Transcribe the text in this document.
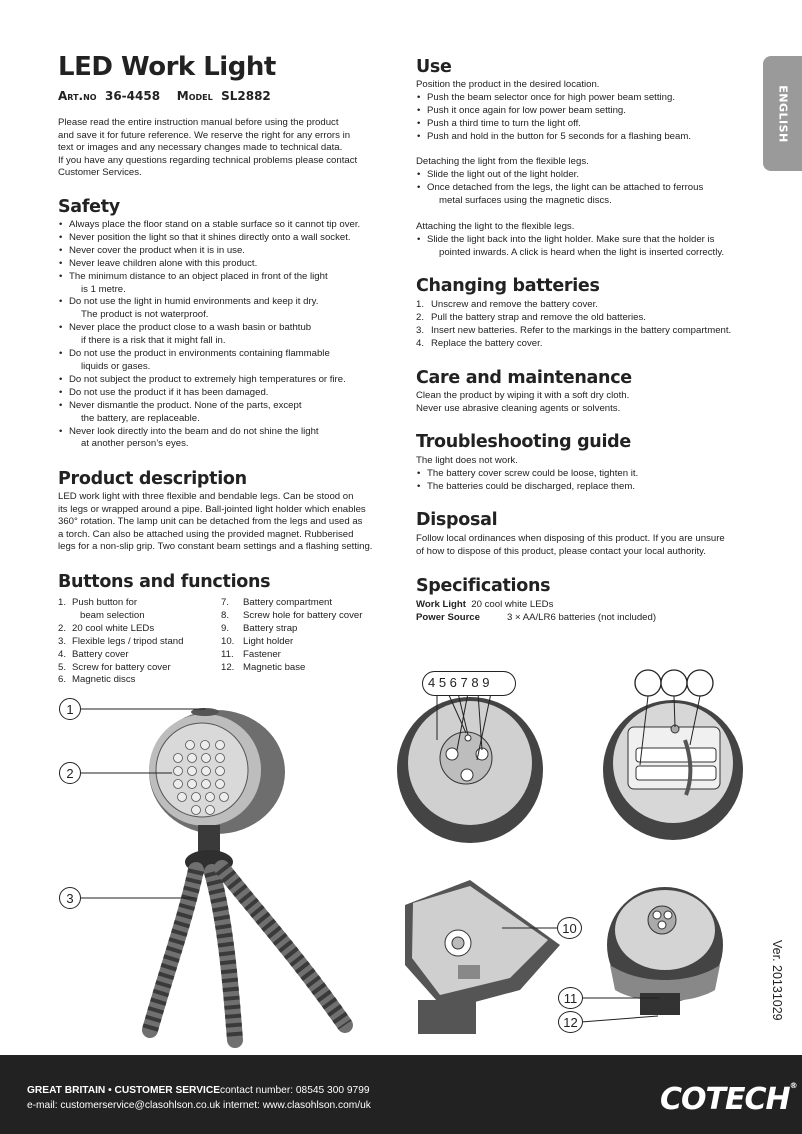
LED Work Light
Art.no 36-4458 Model SL2882	ENGLISH
Please read the entire instruction manual before using the product
and save it for future reference. We reserve the right for any errors in
text or images and any necessary changes made to technical data.
If you have any questions regarding technical problems please contact
Customer Services.
Safety
• Always place the floor stand on a stable surface so it cannot tip over.
• Never position the light so that it shines directly onto a wall socket.
• Never cover the product when it is in use.
• Never leave children alone with this product.
• The minimum distance to an object placed in front of the light
is 1 metre.
• Do not use the light in humid environments and keep it dry.
The product is not waterproof.
• Never place the product close to a wash basin or bathtub
if there is a risk that it might fall in.
• Do not use the product in environments containing flammable
liquids or gases.
• Do not subject the product to extremely high temperatures or fire.
• Do not use the product if it has been damaged.
• Never dismantle the product. None of the parts, except
the battery, are replaceable.
• Never look directly into the beam and do not shine the light
at another person’s eyes.
Product description
LED work light with three flexible and bendable legs. Can be stood on
its legs or wrapped around a pipe. Ball-jointed light holder which enables
360° rotation. The lamp unit can be detached from the legs and used as
a torch. Can also be attached using the provided magnet. Rubberised
legs for a non-slip grip. Two constant beam settings and a flashing setting.
Buttons and functions
1. Push button for
beam selection
2. 20 cool white LEDs
3. Flexible legs / tripod stand
4. Battery cover
5. Screw for battery cover
6. Magnetic discs
7. Battery compartment
8. Screw hole for battery cover
9. Battery strap
10. Light holder
11. Fastener
12. Magnetic base
Use
Position the product in the desired location.
• Push the beam selector once for high power beam setting.
• Push it once again for low power beam setting.
• Push a third time to turn the light off.
• Push and hold in the button for 5 seconds for a flashing beam.
Detaching the light from the flexible legs.
• Slide the light out of the light holder.
• Once detached from the legs, the light can be attached to ferrous
metal surfaces using the magnetic discs.
Attaching the light to the flexible legs.
• Slide the light back into the light holder. Make sure that the holder is
pointed inwards. A click is heard when the light is inserted correctly.
Changing batteries
1. Unscrew and remove the battery cover.
2. Pull the battery strap and remove the old batteries.
3. Insert new batteries. Refer to the markings in the battery compartment.
4. Replace the battery cover.
Care and maintenance
Clean the product by wiping it with a soft dry cloth.
Never use abrasive cleaning agents or solvents.
Troubleshooting guide
The light does not work.
• The battery cover screw could be loose, tighten it.
• The batteries could be discharged, replace them.
Disposal
Follow local ordinances when disposing of this product. If you are unsure
of how to dispose of this product, please contact your local authority.
Specifications
Work Light 20 cool white LEDs
Power Source	3 × AA/LR6 batteries (not included)
1
2
3
4 5 6 7 8 9
10
11
12
Ver. 20131029
GREAT BRITAIN • CUSTOMER SERVICEcontact number: 08545 300 9799
e-mail: customerservice@clasohlson.co.uk internet: www.clasohlson.com/uk	COTECH®
